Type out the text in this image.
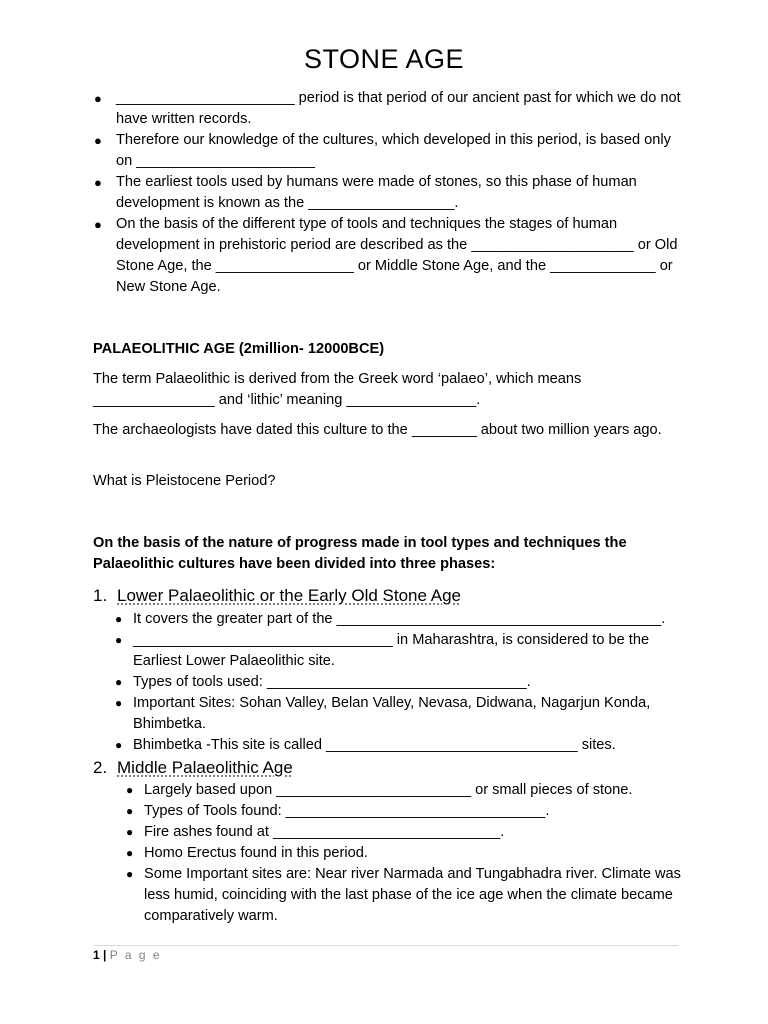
STONE AGE
● ______________________ period is that period of our ancient past for which we do not have written records.
● Therefore our knowledge of the cultures, which developed in this period, is based only on ______________________
● The earliest tools used by humans were made of stones, so this phase of human development is known as the __________________.
● On the basis of the different type of tools and techniques the stages of human development in prehistoric period are described as the ____________________ or Old Stone Age, the _________________ or Middle Stone Age, and the _____________ or New Stone Age.
PALAEOLITHIC AGE (2million- 12000BCE)
The term Palaeolithic is derived from the Greek word ‘palaeo’, which means _______________ and ‘lithic’ meaning ________________.
The archaeologists have dated this culture to the ________ about two million years ago.
What is Pleistocene Period?
On the basis of the nature of progress made in tool types and techniques the Palaeolithic cultures have been divided into three phases:
1. Lower Palaeolithic or the Early Old Stone Age
● It covers the greater part of the ________________________________________.
● ________________________________ in Maharashtra, is considered to be the Earliest Lower Palaeolithic site.
● Types of tools used: ________________________________.
● Important Sites: Sohan Valley, Belan Valley, Nevasa, Didwana, Nagarjun Konda, Bhimbetka.
● Bhimbetka -This site is called _______________________________ sites.
2. Middle Palaeolithic Age
● Largely based upon ________________________ or small pieces of stone.
● Types of Tools found: ________________________________.
● Fire ashes found at ____________________________.
● Homo Erectus found in this period.
● Some Important sites are: Near river Narmada and Tungabhadra river. Climate was less humid, coinciding with the last phase of the ice age when the climate became comparatively warm.
1 | P a g e
